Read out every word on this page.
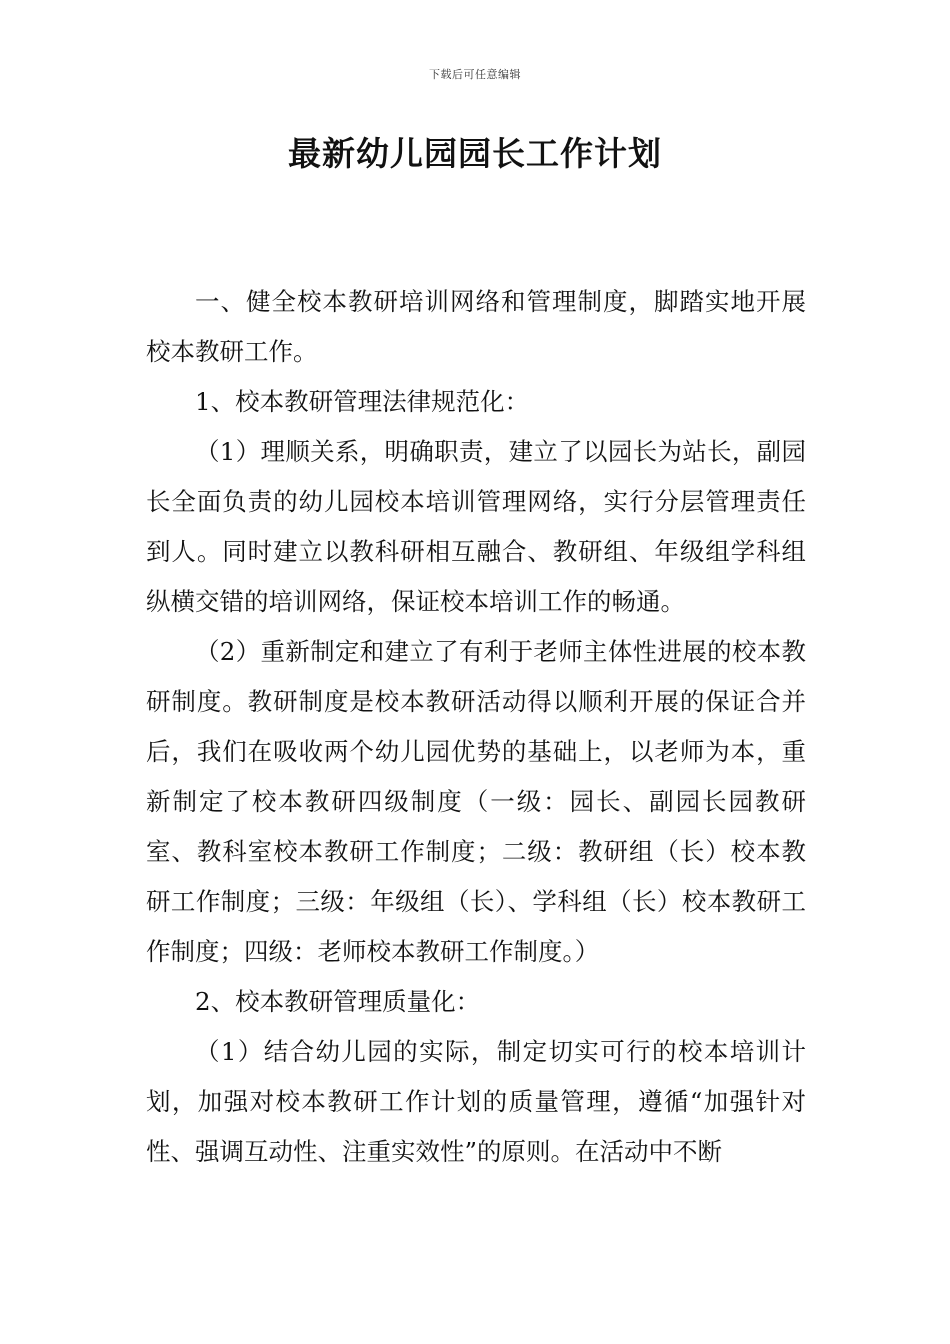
下载后可任意编辑
最新幼儿园园长工作计划

一、健全校本教研培训网络和管理制度，脚踏实地开展校本教研工作。

1、校本教研管理法律规范化：

（1）理顺关系，明确职责，建立了以园长为站长，副园长全面负责的幼儿园校本培训管理网络，实行分层管理责任到人。同时建立以教科研相互融合、教研组、年级组学科组纵横交错的培训网络，保证校本培训工作的畅通。

（2）重新制定和建立了有利于老师主体性进展的校本教研制度。教研制度是校本教研活动得以顺利开展的保证合并后，我们在吸收两个幼儿园优势的基础上，以老师为本，重新制定了校本教研四级制度（一级：园长、副园长园教研室、教科室校本教研工作制度；二级：教研组（长）校本教研工作制度；三级：年级组（长）、学科组（长）校本教研工作制度；四级：老师校本教研工作制度。）

2、校本教研管理质量化：

（1）结合幼儿园的实际，制定切实可行的校本培训计划，加强对校本教研工作计划的质量管理，遵循“加强针对性、强调互动性、注重实效性”的原则。在活动中不断
